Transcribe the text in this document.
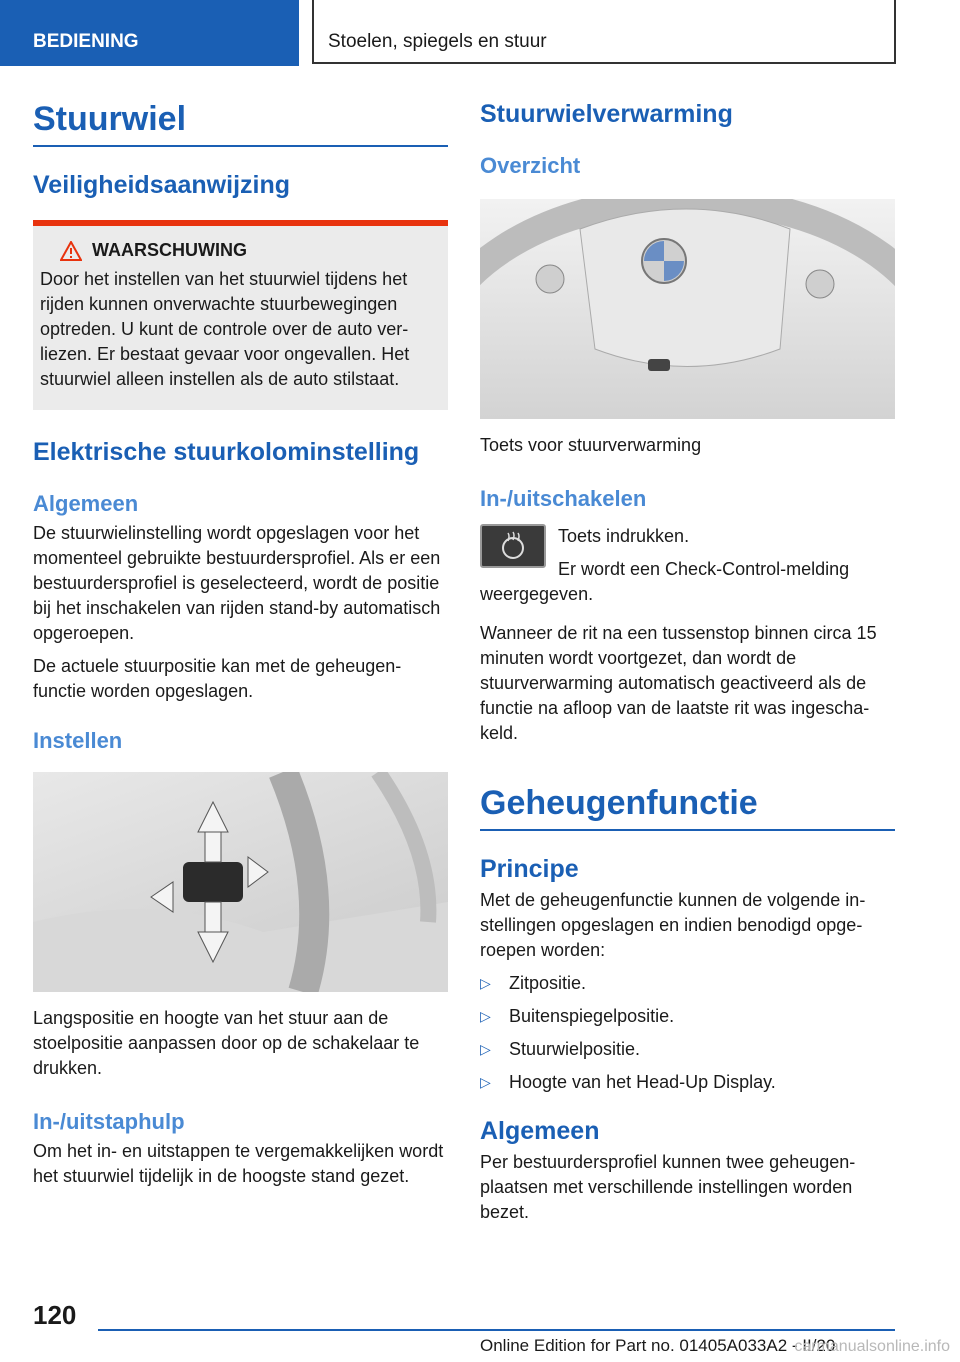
BEDIENING	Stoelen, spiegels en stuur
Stuurwiel
Veiligheidsaanwijzing
WAARSCHUWING

Door het instellen van het stuurwiel tijdens het rijden kunnen onverwachte stuurbewegingen optreden. U kunt de controle over de auto verliezen. Er bestaat gevaar voor ongevallen. Het stuurwiel alleen instellen als de auto stilstaat.

Elektrische stuurkolominstelling
Algemeen

De stuurwielinstelling wordt opgeslagen voor het momenteel gebruikte bestuurdersprofiel. Als er een bestuurdersprofiel is geselecteerd, wordt de positie bij het inschakelen van rijden stand-by automatisch opgeroepen.

De actuele stuurpositie kan met de geheugenfunctie worden opgeslagen.

Instellen

Langspositie en hoogte van het stuur aan de stoelpositie aanpassen door op de schakelaar te drukken.

In-/uitstaphulp

Om het in- en uitstappen te vergemakkelijken wordt het stuurwiel tijdelijk in de hoogste stand gezet.

Stuurwielverwarming
Overzicht

Toets voor stuurverwarming

In-/uitschakelen

Toets indrukken.

Er wordt een Check-Control-melding weergegeven.

Wanneer de rit na een tussenstop binnen circa 15 minuten wordt voortgezet, dan wordt de stuurverwarming automatisch geactiveerd als de functie na afloop van de laatste rit was ingeschakeld.

Geheugenfunctie
Principe

Met de geheugenfunctie kunnen de volgende instellingen opgeslagen en indien benodigd opgeroepen worden:

▷	Zitpositie.
▷	Buitenspiegelpositie.
▷	Stuurwielpositie.
▷	Hoogte van het Head-Up Display.
Algemeen

Per bestuurdersprofiel kunnen twee geheugenplaatsen met verschillende instellingen worden bezet.

120
Online Edition for Part no. 01405A033A2 - II/20
carmanualsonline.info
